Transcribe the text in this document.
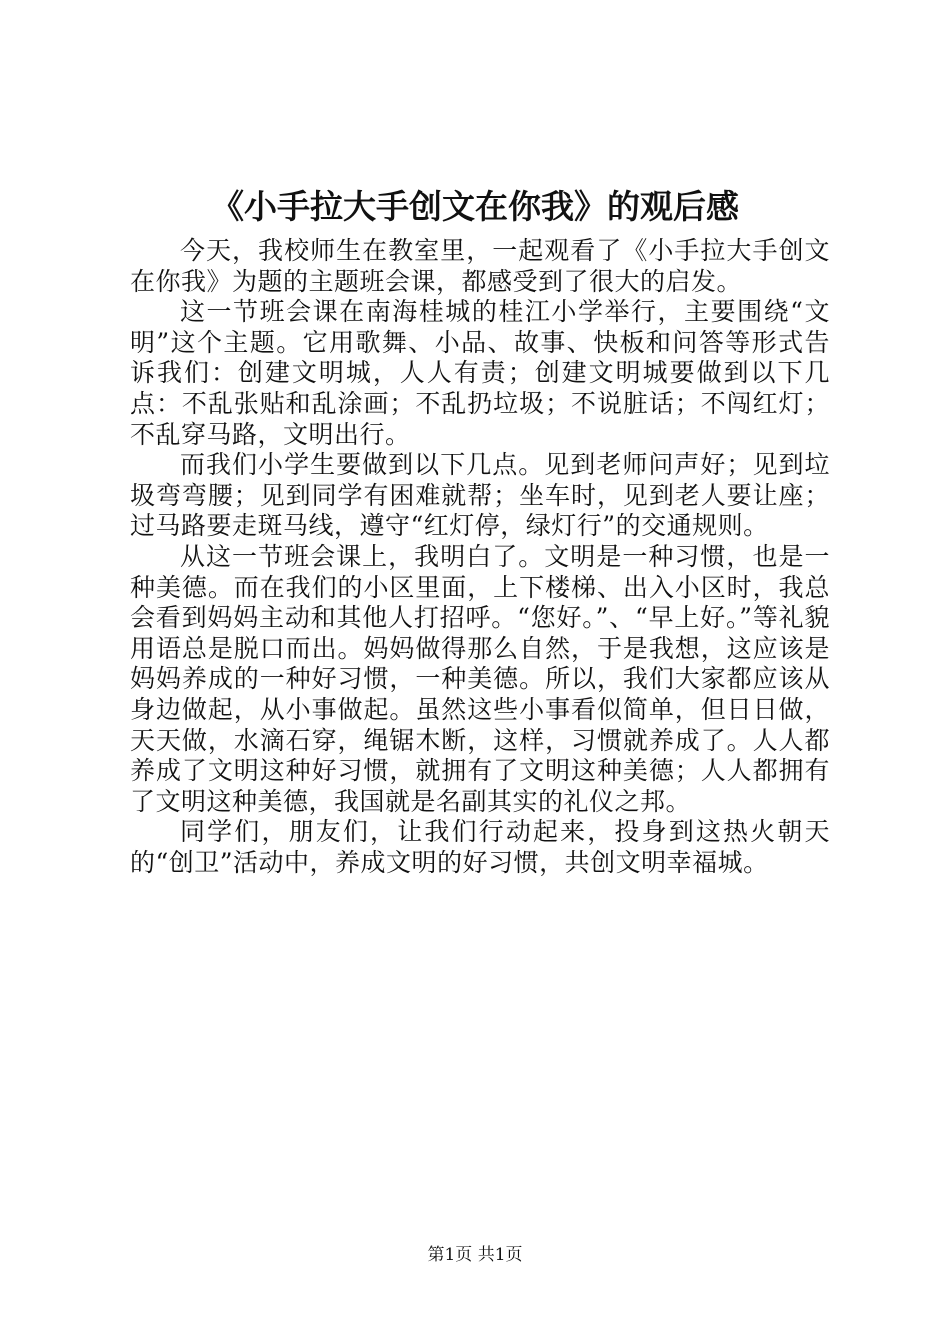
《小手拉大手创文在你我》的观后感

今天，我校师生在教室里，一起观看了《小手拉大手创文在你我》为题的主题班会课，都感受到了很大的启发。

这一节班会课在南海桂城的桂江小学举行，主要围绕“文明”这个主题。它用歌舞、小品、故事、快板和问答等形式告诉我们：创建文明城，人人有责；创建文明城要做到以下几点：不乱张贴和乱涂画；不乱扔垃圾；不说脏话；不闯红灯；不乱穿马路，文明出行。

而我们小学生要做到以下几点。见到老师问声好；见到垃圾弯弯腰；见到同学有困难就帮；坐车时，见到老人要让座；过马路要走斑马线，遵守“红灯停，绿灯行”的交通规则。

从这一节班会课上，我明白了。文明是一种习惯，也是一种美德。而在我们的小区里面，上下楼梯、出入小区时，我总会看到妈妈主动和其他人打招呼。“您好。”、“早上好。”等礼貌用语总是脱口而出。妈妈做得那么自然，于是我想，这应该是妈妈养成的一种好习惯，一种美德。所以，我们大家都应该从身边做起，从小事做起。虽然这些小事看似简单，但日日做，天天做，水滴石穿，绳锯木断，这样，习惯就养成了。人人都养成了文明这种好习惯，就拥有了文明这种美德；人人都拥有了文明这种美德，我国就是名副其实的礼仪之邦。

同学们，朋友们，让我们行动起来，投身到这热火朝天的“创卫”活动中，养成文明的好习惯，共创文明幸福城。

第1页 共1页
